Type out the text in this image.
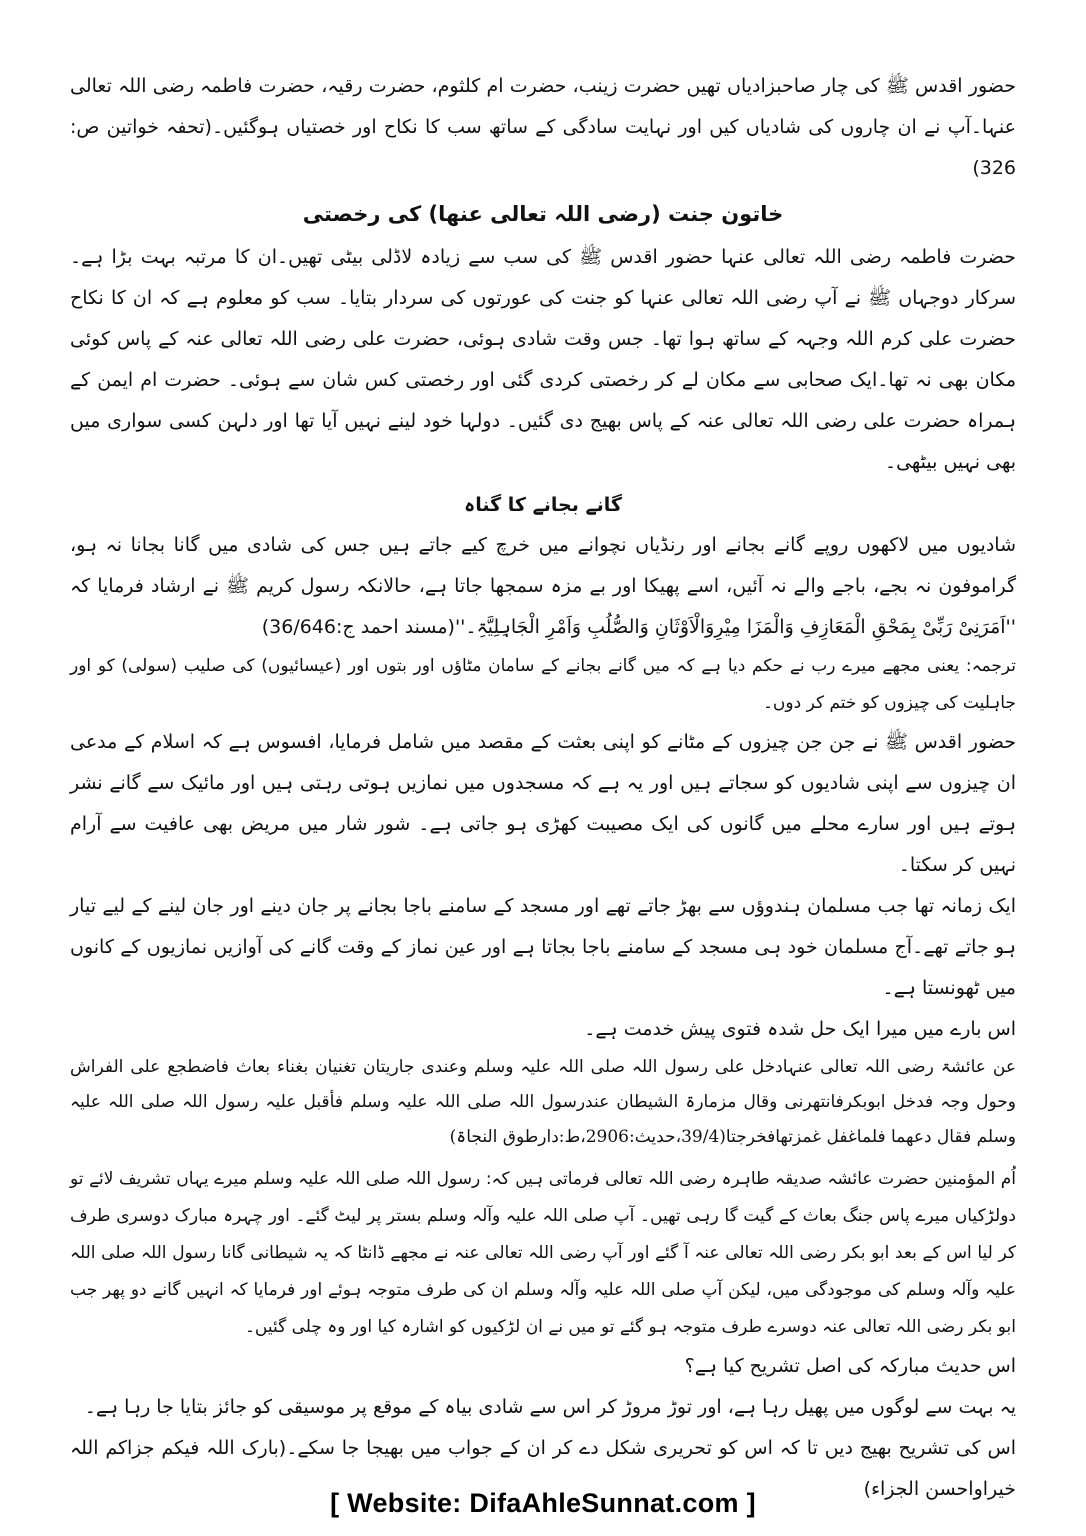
حضور اقدس ﷺ کی چار صاحبزادیاں تھیں حضرت زینب، حضرت ام کلثوم، حضرت رقیہ، حضرت فاطمہ رضی اللہ تعالی عنہا۔آپ نے ان چاروں کی شادیاں کیں اور نہایت سادگی کے ساتھ سب کا نکاح اور خصتیاں ہوگئیں۔(تحفہ خواتین ص: 326)

خاتون جنت (رضی اللہ تعالی عنھا) کی رخصتی

حضرت فاطمہ رضی اللہ تعالی عنہا حضور اقدس ﷺ کی سب سے زیادہ لاڈلی بیٹی تھیں۔ان کا مرتبہ بہت بڑا ہے۔ سرکار دوجہاں ﷺ نے آپ رضی اللہ تعالی عنہا کو جنت کی عورتوں کی سردار بتایا۔ سب کو معلوم ہے کہ ان کا نکاح حضرت علی کرم اللہ وجہہ کے ساتھ ہوا تھا۔ جس وقت شادی ہوئی، حضرت علی رضی اللہ تعالی عنہ کے پاس کوئی مکان بھی نہ تھا۔ایک صحابی سے مکان لے کر رخصتی کردی گئی اور رخصتی کس شان سے ہوئی۔ حضرت ام ایمن کے ہمراہ حضرت علی رضی اللہ تعالی عنہ کے پاس بھیج دی گئیں۔ دولہا خود لینے نہیں آیا تھا اور دلہن کسی سواری میں بھی نہیں بیٹھی۔

گانے بجانے کا گناہ

شادیوں میں لاکھوں روپے گانے بجانے اور رنڈیاں نچوانے میں خرچ کیے جاتے ہیں جس کی شادی میں گانا بجانا نہ ہو، گراموفون نہ بجے، باجے والے نہ آئیں، اسے پھیکا اور بے مزہ سمجھا جاتا ہے، حالانکہ رسول کریم ﷺ نے ارشاد فرمایا کہ ''اَمَرَنِیْ رَبِّیْ بِمَحْقِ الْمَعَازِفِ وَالْمَزَا مِیْرِوَالْاَوْثَانِ وَالصُّلُبِ وَاَمْرِ الْجَاہِلِیَّۃِ۔''(مسند احمد ج:36/646)

ترجمہ: یعنی مجھے میرے رب نے حکم دیا ہے کہ میں گانے بجانے کے سامان مٹاؤں اور بتوں اور (عیسائیوں) کی صلیب (سولی) کو اور جاہلیت کی چیزوں کو ختم کر دوں۔

حضور اقدس ﷺ نے جن جن چیزوں کے مٹانے کو اپنی بعثت کے مقصد میں شامل فرمایا، افسوس ہے کہ اسلام کے مدعی ان چیزوں سے اپنی شادیوں کو سجاتے ہیں اور یہ ہے کہ مسجدوں میں نمازیں ہوتی رہتی ہیں اور مائیک سے گانے نشر ہوتے ہیں اور سارے محلے میں گانوں کی ایک مصیبت کھڑی ہو جاتی ہے۔ شور شار میں مریض بھی عافیت سے آرام نہیں کر سکتا۔

ایک زمانہ تھا جب مسلمان ہندوؤں سے بھڑ جاتے تھے اور مسجد کے سامنے باجا بجانے پر جان دینے اور جان لینے کے لیے تیار ہو جاتے تھے۔آج مسلمان خود ہی مسجد کے سامنے باجا بجاتا ہے اور عین نماز کے وقت گانے کی آوازیں نمازیوں کے کانوں میں ٹھونستا ہے۔

اس بارے میں میرا ایک حل شدہ فتوی پیش خدمت ہے۔

عن عائشۃ رضی اللہ تعالی عنہادخل علی رسول اللہ صلی اللہ علیہ وسلم وعندی جاریتان تغنیان بغناء بعاث فاضطجع علی الفراش وحول وجہ فدخل ابوبکرفانتھرنی وقال مزمارۃ الشیطان عندرسول اللہ صلی اللہ علیہ وسلم فأقبل علیہ رسول اللہ صلی اللہ علیہ وسلم فقال دعھما فلماغفل غمزتھافخرجتا(39/4،حدیث:2906،ط:دارطوق النجاۃ)

اُم المؤمنین حضرت عائشہ صدیقہ طاہرہ رضی اللہ تعالی فرماتی ہیں کہ: رسول اللہ صلی اللہ علیہ وسلم میرے یہاں تشریف لائے تو دولڑکیاں میرے پاس جنگ بعاث کے گیت گا رہی تھیں۔ آپ صلی اللہ علیہ وآلہ وسلم بستر پر لیٹ گئے۔ اور چہرہ مبارک دوسری طرف کر لیا اس کے بعد ابو بکر رضی اللہ تعالی عنہ آ گئے اور آپ رضی اللہ تعالی عنہ نے مجھے ڈانٹا کہ یہ شیطانی گانا رسول اللہ صلی اللہ علیہ وآلہ وسلم کی موجودگی میں، لیکن آپ صلی اللہ علیہ وآلہ وسلم ان کی طرف متوجہ ہوئے اور فرمایا کہ انہیں گانے دو پھر جب ابو بکر رضی اللہ تعالی عنہ دوسرے طرف متوجہ ہو گئے تو میں نے ان لڑکیوں کو اشارہ کیا اور وہ چلی گئیں۔

اس حدیث مبارکہ کی اصل تشریح کیا ہے؟

یہ بہت سے لوگوں میں پھیل رہا ہے، اور توڑ مروڑ کر اس سے شادی بیاہ کے موقع پر موسیقی کو جائز بتایا جا رہا ہے۔

اس کی تشریح بھیج دیں تا کہ اس کو تحریری شکل دے کر ان کے جواب میں بھیجا جا سکے۔(بارک اللہ فیکم جزاکم اللہ خیراواحسن الجزاء)

[ Website: DifaAhleSunnat.com ]
